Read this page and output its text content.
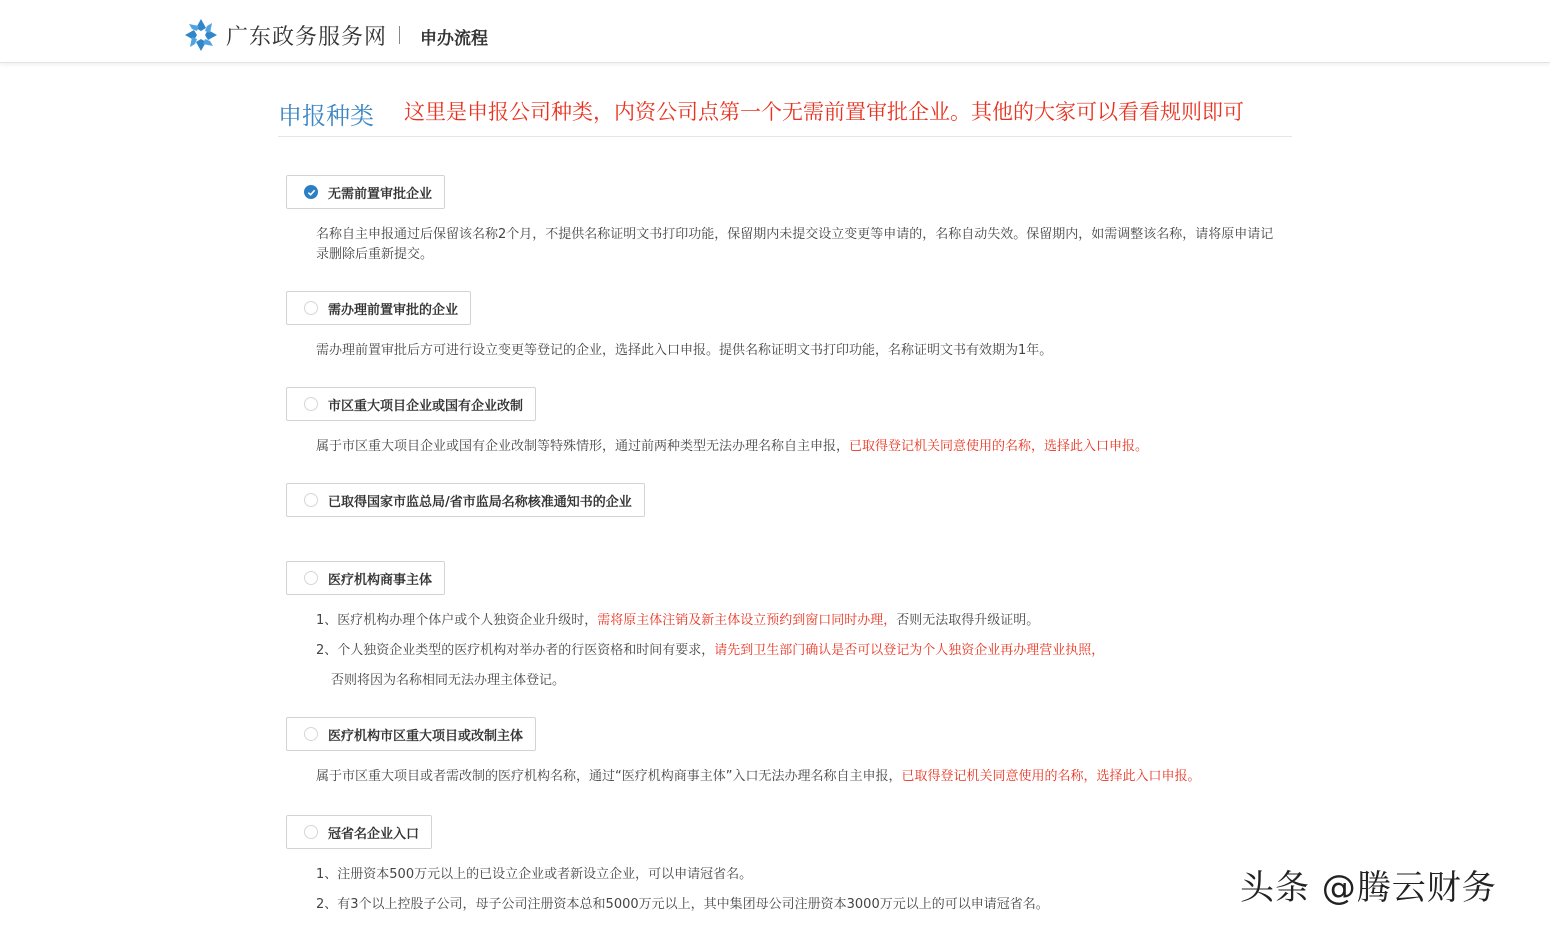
广东政务服务网 申办流程
申报种类 这里是申报公司种类，内资公司点第一个无需前置审批企业。其他的大家可以看看规则即可
无需前置审批企业
名称自主申报通过后保留该名称2个月，不提供名称证明文书打印功能，保留期内未提交设立变更等申请的，名称自动失效。保留期内，如需调整该名称，请将原申请记录删除后重新提交。
需办理前置审批的企业
需办理前置审批后方可进行设立变更等登记的企业，选择此入口申报。提供名称证明文书打印功能，名称证明文书有效期为1年。
市区重大项目企业或国有企业改制
属于市区重大项目企业或国有企业改制等特殊情形，通过前两种类型无法办理名称自主申报，已取得登记机关同意使用的名称，选择此入口申报。
已取得国家市监总局/省市监局名称核准通知书的企业
医疗机构商事主体
1、医疗机构办理个体户或个人独资企业升级时，需将原主体注销及新主体设立预约到窗口同时办理，否则无法取得升级证明。
2、个人独资企业类型的医疗机构对举办者的行医资格和时间有要求，请先到卫生部门确认是否可以登记为个人独资企业再办理营业执照，
否则将因为名称相同无法办理主体登记。
医疗机构市区重大项目或改制主体
属于市区重大项目或者需改制的医疗机构名称，通过“医疗机构商事主体”入口无法办理名称自主申报，已取得登记机关同意使用的名称，选择此入口申报。
冠省名企业入口
1、注册资本500万元以上的已设立企业或者新设立企业，可以申请冠省名。
2、有3个以上控股子公司，母子公司注册资本总和5000万元以上，其中集团母公司注册资本3000万元以上的可以申请冠省名。	头条 @腾云财务
